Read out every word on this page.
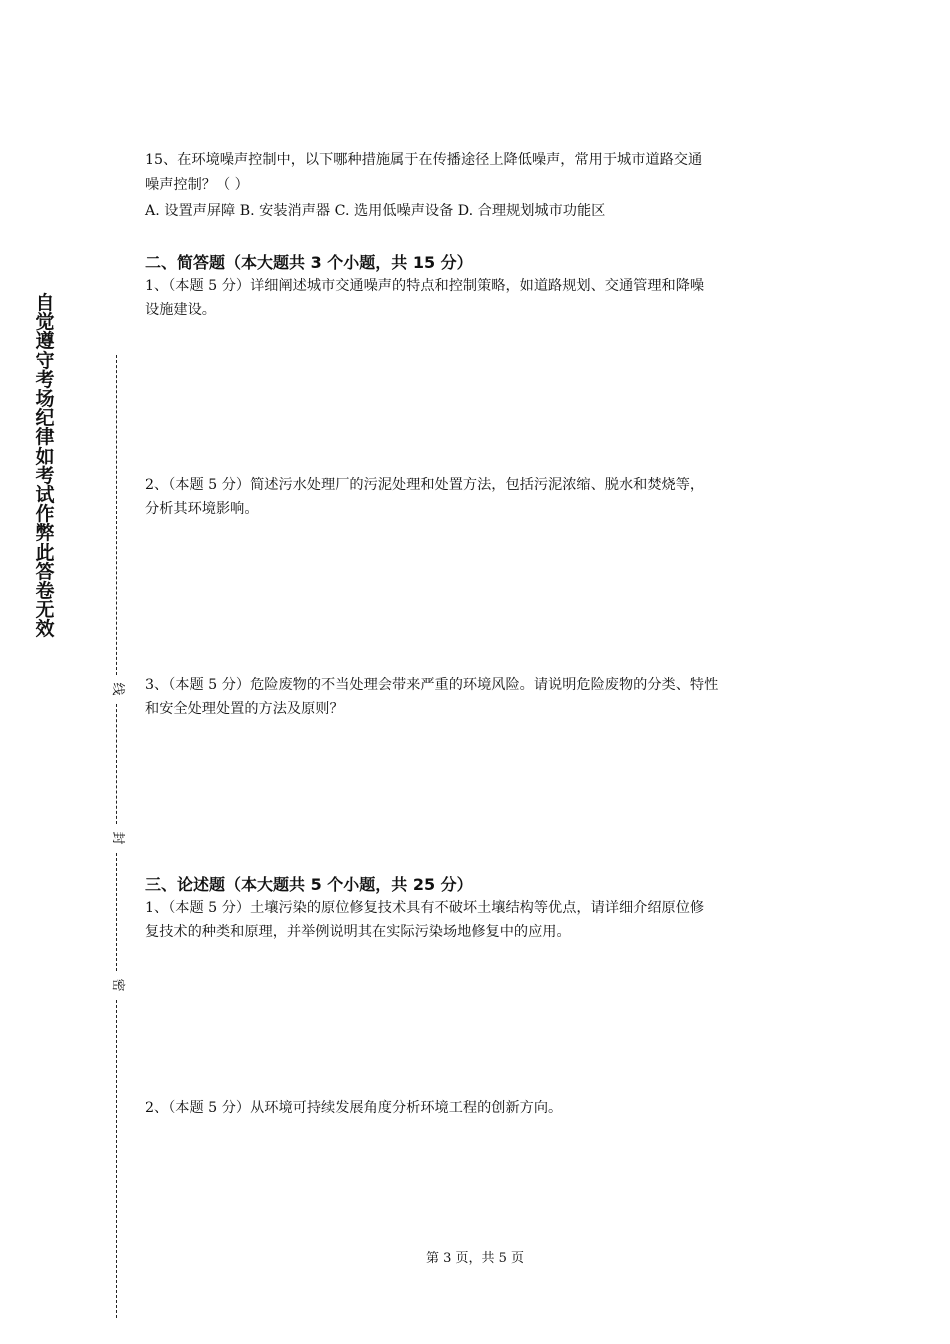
自觉遵守考场纪律如考试作弊此答卷无效
线
封
密
15、在环境噪声控制中，以下哪种措施属于在传播途径上降低噪声，常用于城市道路交通
噪声控制？（ ）
A. 设置声屏障 B. 安装消声器 C. 选用低噪声设备 D. 合理规划城市功能区
二、简答题（本大题共 3 个小题，共 15 分）
1、（本题 5 分）详细阐述城市交通噪声的特点和控制策略，如道路规划、交通管理和降噪
设施建设。
2、（本题 5 分）简述污水处理厂的污泥处理和处置方法，包括污泥浓缩、脱水和焚烧等，
分析其环境影响。
3、（本题 5 分）危险废物的不当处理会带来严重的环境风险。请说明危险废物的分类、特性
和安全处理处置的方法及原则？
三、论述题（本大题共 5 个小题，共 25 分）
1、（本题 5 分）土壤污染的原位修复技术具有不破坏土壤结构等优点，请详细介绍原位修
复技术的种类和原理，并举例说明其在实际污染场地修复中的应用。
2、（本题 5 分）从环境可持续发展角度分析环境工程的创新方向。
第 3 页，共 5 页
